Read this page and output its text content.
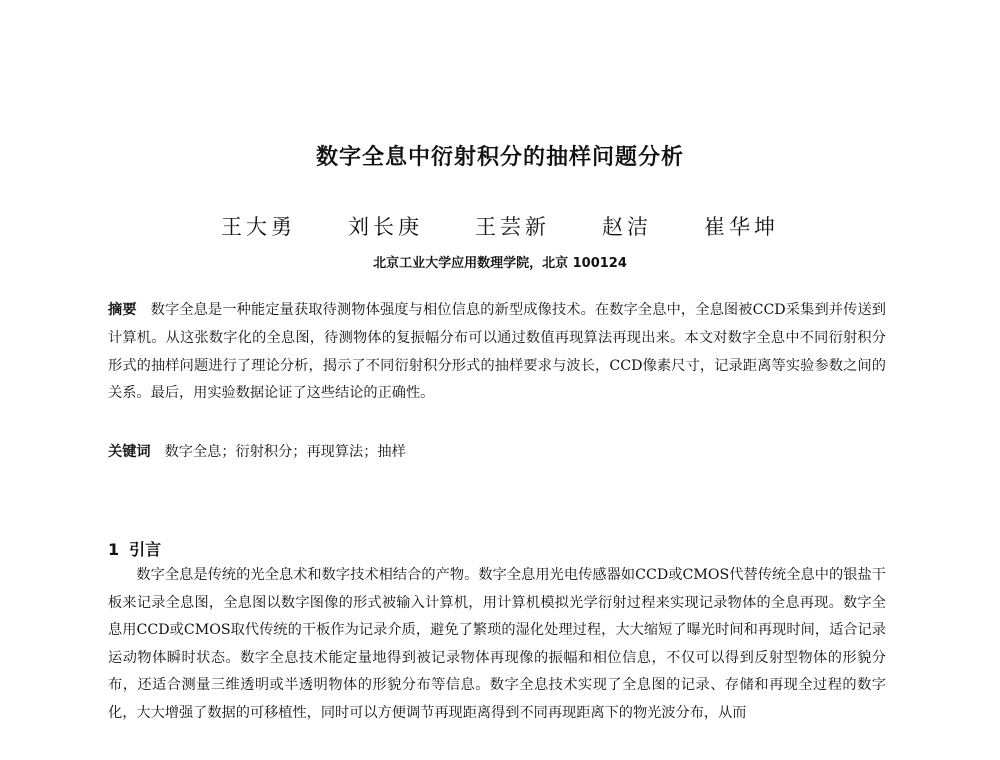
数字全息中衍射积分的抽样问题分析
王大勇 刘长庚 王芸新 赵洁 崔华坤
北京工业大学应用数理学院，北京 100124
摘要 数字全息是一种能定量获取待测物体强度与相位信息的新型成像技术。在数字全息中，全息图被CCD采集到并传送到计算机。从这张数字化的全息图，待测物体的复振幅分布可以通过数值再现算法再现出来。本文对数字全息中不同衍射积分形式的抽样问题进行了理论分析，揭示了不同衍射积分形式的抽样要求与波长，CCD像素尺寸，记录距离等实验参数之间的关系。最后，用实验数据论证了这些结论的正确性。
关键词 数字全息；衍射积分；再现算法；抽样
1 引言
数字全息是传统的光全息术和数字技术相结合的产物。数字全息用光电传感器如CCD或CMOS代替传统全息中的银盐干板来记录全息图，全息图以数字图像的形式被输入计算机，用计算机模拟光学衍射过程来实现记录物体的全息再现。数字全息用CCD或CMOS取代传统的干板作为记录介质，避免了繁琐的湿化处理过程，大大缩短了曝光时间和再现时间，适合记录运动物体瞬时状态。数字全息技术能定量地得到被记录物体再现像的振幅和相位信息，不仅可以得到反射型物体的形貌分布，还适合测量三维透明或半透明物体的形貌分布等信息。数字全息技术实现了全息图的记录、存储和再现全过程的数字化，大大增强了数据的可移植性，同时可以方便调节再现距离得到不同再现距离下的物光波分布，从而
